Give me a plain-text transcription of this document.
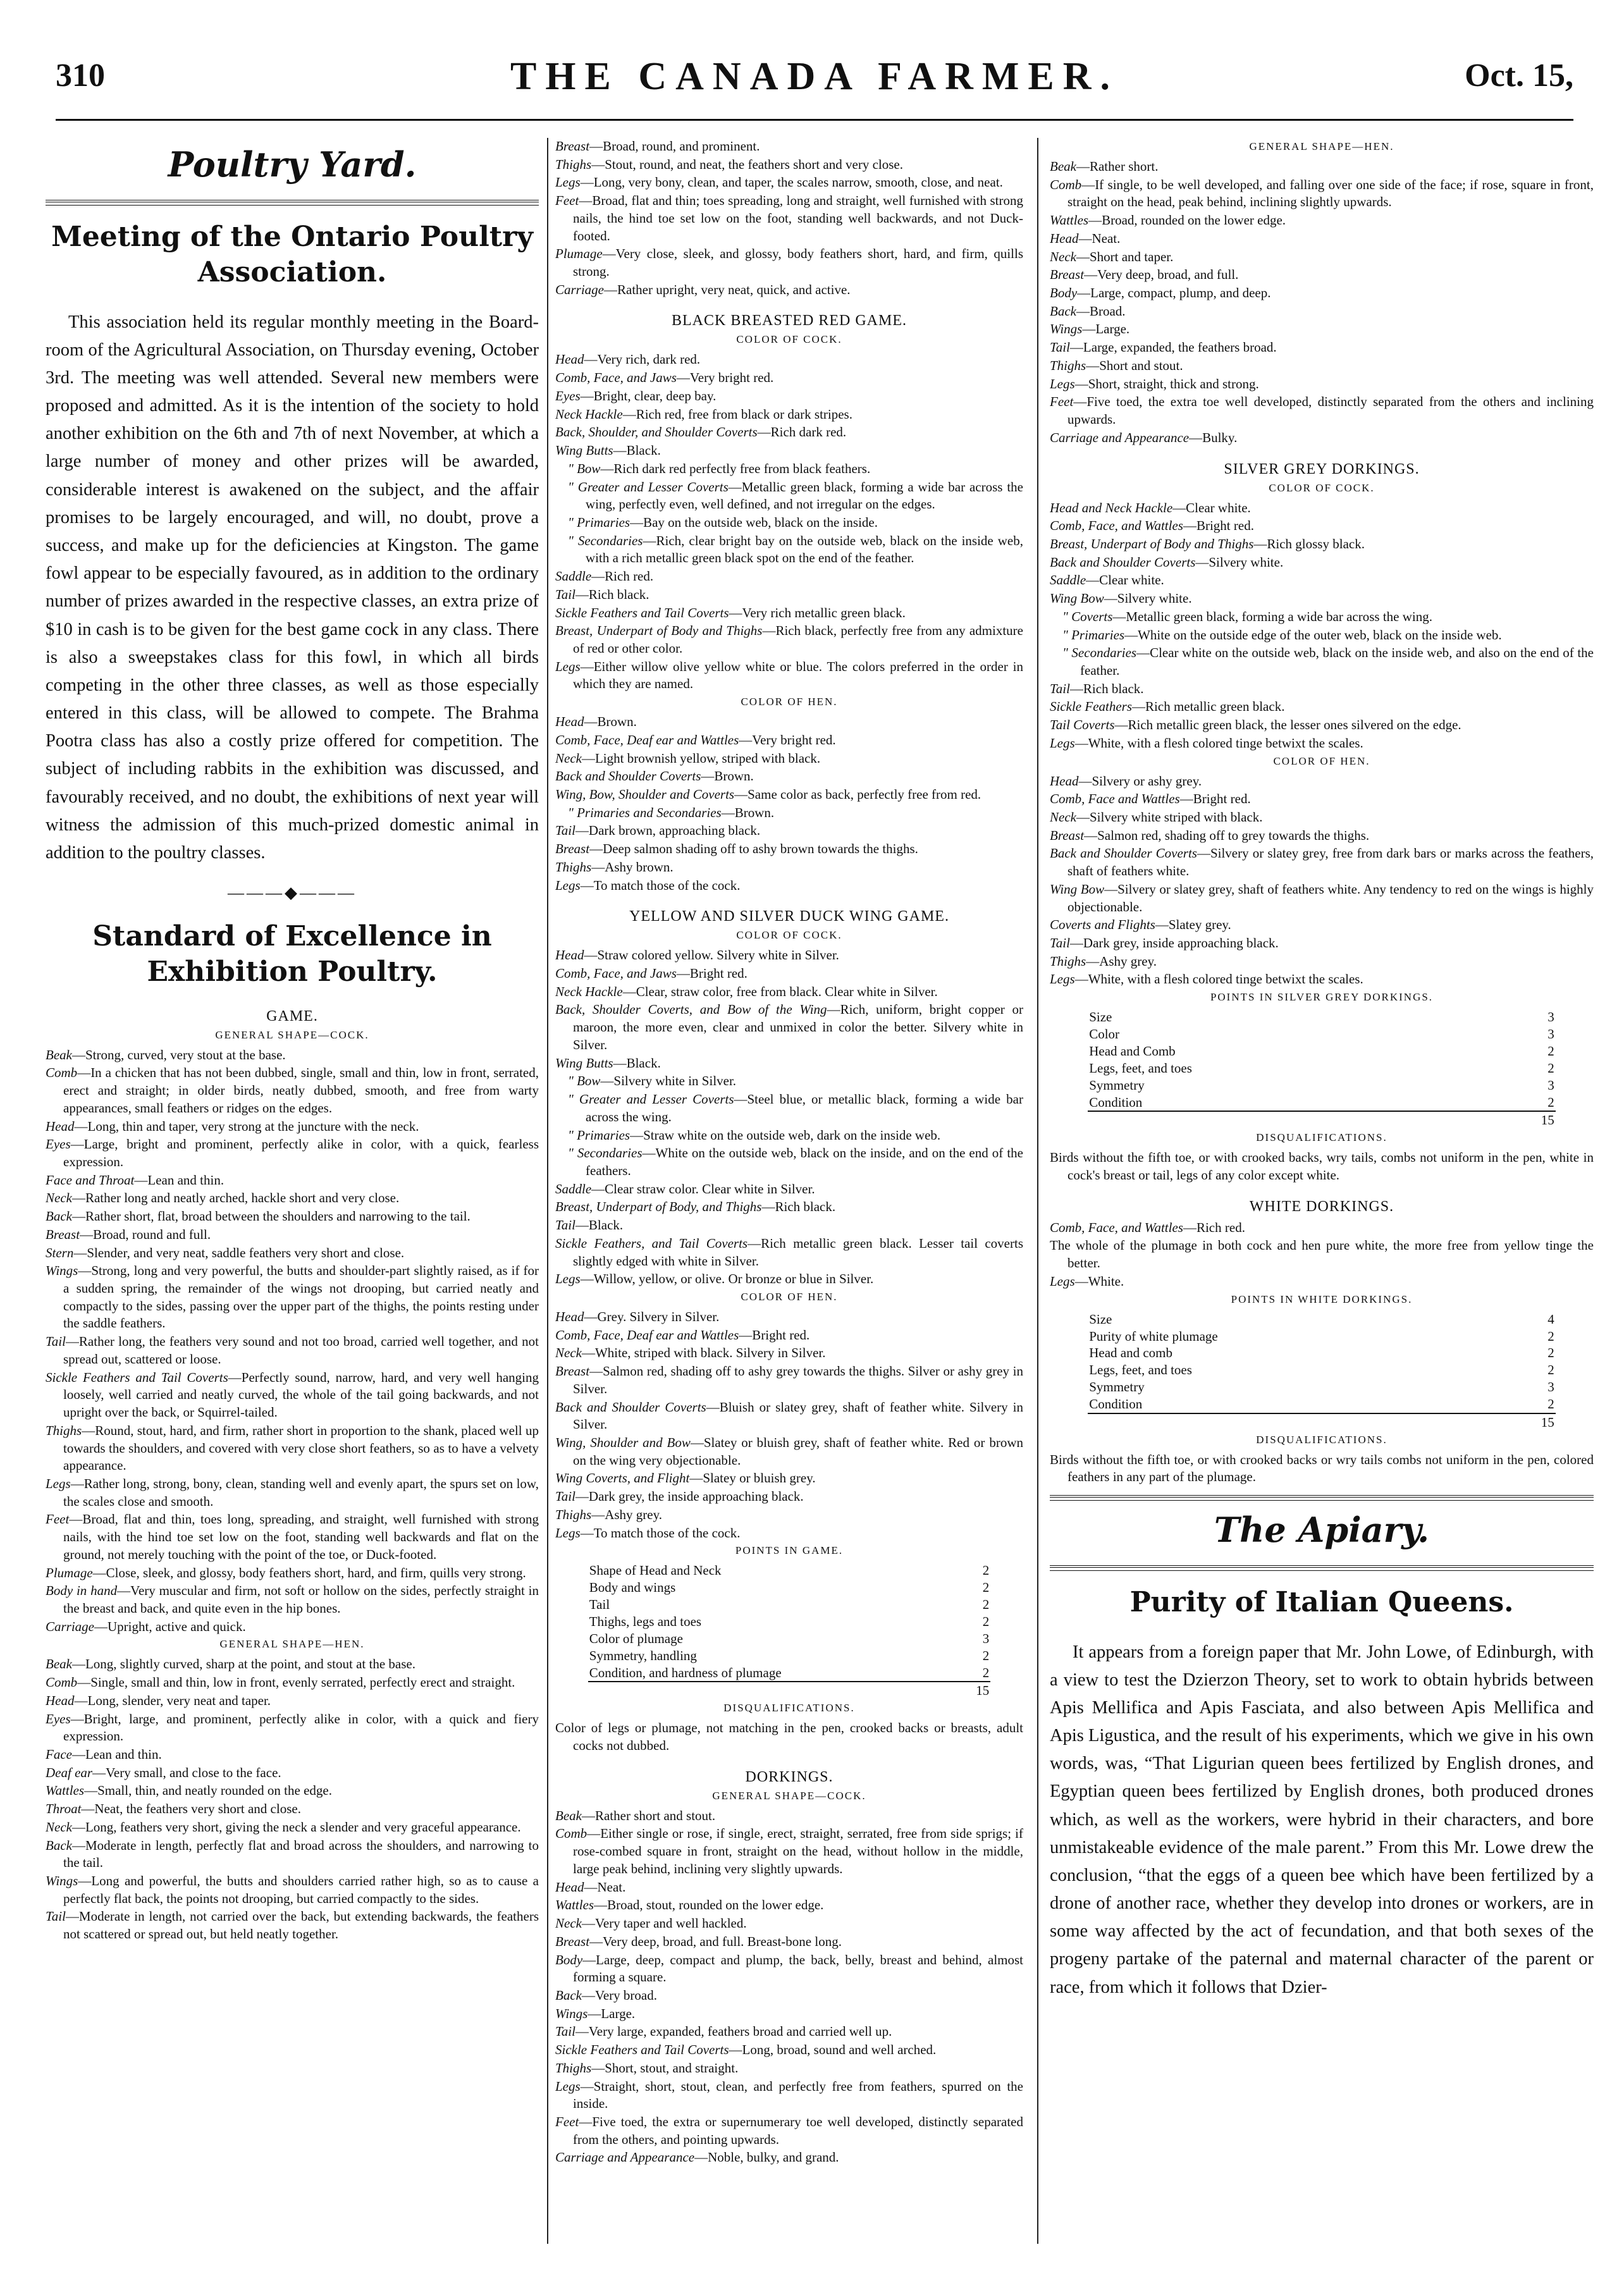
310	THE CANADA FARMER.	Oct. 15,
Poultry Yard.
Meeting of the Ontario Poultry Association.

This association held its regular monthly meeting in the Board-room of the Agricultural Association, on Thursday evening, October 3rd. The meeting was well attended. Several new members were proposed and admitted. As it is the intention of the society to hold another exhibition on the 6th and 7th of next November, at which a large number of money and other prizes will be awarded, considerable interest is awakened on the subject, and the affair promises to be largely encouraged, and will, no doubt, prove a success, and make up for the deficiencies at Kingston. The game fowl appear to be especially favoured, as in addition to the ordinary number of prizes awarded in the respective classes, an extra prize of $10 in cash is to be given for the best game cock in any class. There is also a sweepstakes class for this fowl, in which all birds competing in the other three classes, as well as those especially entered in this class, will be allowed to compete. The Brahma Pootra class has also a costly prize offered for competition. The subject of including rabbits in the exhibition was discussed, and favourably received, and no doubt, the exhibitions of next year will witness the admission of this much-prized domestic animal in addition to the poultry classes.

———◆———
Standard of Excellence in Exhibition Poultry.
GAME.
GENERAL SHAPE—COCK.

Beak—Strong, curved, very stout at the base.

Comb—In a chicken that has not been dubbed, single, small and thin, low in front, serrated, erect and straight; in older birds, neatly dubbed, smooth, and free from warty appearances, small feathers or ridges on the edges.

Head—Long, thin and taper, very strong at the juncture with the neck.

Eyes—Large, bright and prominent, perfectly alike in color, with a quick, fearless expression.

Face and Throat—Lean and thin.

Neck—Rather long and neatly arched, hackle short and very close.

Back—Rather short, flat, broad between the shoulders and narrowing to the tail.

Breast—Broad, round and full.

Stern—Slender, and very neat, saddle feathers very short and close.

Wings—Strong, long and very powerful, the butts and shoulder-part slightly raised, as if for a sudden spring, the remainder of the wings not drooping, but carried neatly and compactly to the sides, passing over the upper part of the thighs, the points resting under the saddle feathers.

Tail—Rather long, the feathers very sound and not too broad, carried well together, and not spread out, scattered or loose.

Sickle Feathers and Tail Coverts—Perfectly sound, narrow, hard, and very well hanging loosely, well carried and neatly curved, the whole of the tail going backwards, and not upright over the back, or Squirrel-tailed.

Thighs—Round, stout, hard, and firm, rather short in proportion to the shank, placed well up towards the shoulders, and covered with very close short feathers, so as to have a velvety appearance.

Legs—Rather long, strong, bony, clean, standing well and evenly apart, the spurs set on low, the scales close and smooth.

Feet—Broad, flat and thin, toes long, spreading, and straight, well furnished with strong nails, with the hind toe set low on the foot, standing well backwards and flat on the ground, not merely touching with the point of the toe, or Duck-footed.

Plumage—Close, sleek, and glossy, body feathers short, hard, and firm, quills very strong.

Body in hand—Very muscular and firm, not soft or hollow on the sides, perfectly straight in the breast and back, and quite even in the hip bones.

Carriage—Upright, active and quick.

GENERAL SHAPE—HEN.

Beak—Long, slightly curved, sharp at the point, and stout at the base.

Comb—Single, small and thin, low in front, evenly serrated, perfectly erect and straight.

Head—Long, slender, very neat and taper.

Eyes—Bright, large, and prominent, perfectly alike in color, with a quick and fiery expression.

Face—Lean and thin.

Deaf ear—Very small, and close to the face.

Wattles—Small, thin, and neatly rounded on the edge.

Throat—Neat, the feathers very short and close.

Neck—Long, feathers very short, giving the neck a slender and very graceful appearance.

Back—Moderate in length, perfectly flat and broad across the shoulders, and narrowing to the tail.

Wings—Long and powerful, the butts and shoulders carried rather high, so as to cause a perfectly flat back, the points not drooping, but carried compactly to the sides.

Tail—Moderate in length, not carried over the back, but extending backwards, the feathers not scattered or spread out, but held neatly together.

Breast—Broad, round, and prominent.

Thighs—Stout, round, and neat, the feathers short and very close.

Legs—Long, very bony, clean, and taper, the scales narrow, smooth, close, and neat.

Feet—Broad, flat and thin; toes spreading, long and straight, well furnished with strong nails, the hind toe set low on the foot, standing well backwards, and not Duck-footed.

Plumage—Very close, sleek, and glossy, body feathers short, hard, and firm, quills strong.

Carriage—Rather upright, very neat, quick, and active.

BLACK BREASTED RED GAME.
COLOR OF COCK.

Head—Very rich, dark red.

Comb, Face, and Jaws—Very bright red.

Eyes—Bright, clear, deep bay.

Neck Hackle—Rich red, free from black or dark stripes.

Back, Shoulder, and Shoulder Coverts—Rich dark red.

Wing Butts—Black.

" Bow—Rich dark red perfectly free from black feathers.

" Greater and Lesser Coverts—Metallic green black, forming a wide bar across the wing, perfectly even, well defined, and not irregular on the edges.

" Primaries—Bay on the outside web, black on the inside.

" Secondaries—Rich, clear bright bay on the outside web, black on the inside web, with a rich metallic green black spot on the end of the feather.

Saddle—Rich red.

Tail—Rich black.

Sickle Feathers and Tail Coverts—Very rich metallic green black.

Breast, Underpart of Body and Thighs—Rich black, perfectly free from any admixture of red or other color.

Legs—Either willow olive yellow white or blue. The colors preferred in the order in which they are named.

COLOR OF HEN.

Head—Brown.

Comb, Face, Deaf ear and Wattles—Very bright red.

Neck—Light brownish yellow, striped with black.

Back and Shoulder Coverts—Brown.

Wing, Bow, Shoulder and Coverts—Same color as back, perfectly free from red.

" Primaries and Secondaries—Brown.

Tail—Dark brown, approaching black.

Breast—Deep salmon shading off to ashy brown towards the thighs.

Thighs—Ashy brown.

Legs—To match those of the cock.

YELLOW AND SILVER DUCK WING GAME.
COLOR OF COCK.

Head—Straw colored yellow. Silvery white in Silver.

Comb, Face, and Jaws—Bright red.

Neck Hackle—Clear, straw color, free from black. Clear white in Silver.

Back, Shoulder Coverts, and Bow of the Wing—Rich, uniform, bright copper or maroon, the more even, clear and unmixed in color the better. Silvery white in Silver.

Wing Butts—Black.

" Bow—Silvery white in Silver.

" Greater and Lesser Coverts—Steel blue, or metallic black, forming a wide bar across the wing.

" Primaries—Straw white on the outside web, dark on the inside web.

" Secondaries—White on the outside web, black on the inside, and on the end of the feathers.

Saddle—Clear straw color. Clear white in Silver.

Breast, Underpart of Body, and Thighs—Rich black.

Tail—Black.

Sickle Feathers, and Tail Coverts—Rich metallic green black. Lesser tail coverts slightly edged with white in Silver.

Legs—Willow, yellow, or olive. Or bronze or blue in Silver.

COLOR OF HEN.

Head—Grey. Silvery in Silver.

Comb, Face, Deaf ear and Wattles—Bright red.

Neck—White, striped with black. Silvery in Silver.

Breast—Salmon red, shading off to ashy grey towards the thighs. Silver or ashy grey in Silver.

Back and Shoulder Coverts—Bluish or slatey grey, shaft of feather white. Silvery in Silver.

Wing, Shoulder and Bow—Slatey or bluish grey, shaft of feather white. Red or brown on the wing very objectionable.

Wing Coverts, and Flight—Slatey or bluish grey.

Tail—Dark grey, the inside approaching black.

Thighs—Ashy grey.

Legs—To match those of the cock.

POINTS IN GAME.
Shape of Head and Neck .....	2
Body and wings .....	2
Tail .....	2
Thighs, legs and toes .....	2
Color of plumage .....	3
Symmetry, handling .....	2
Condition, and hardness of plumage .....	2
	15
DISQUALIFICATIONS.

Color of legs or plumage, not matching in the pen, crooked backs or breasts, adult cocks not dubbed.

DORKINGS.
GENERAL SHAPE—COCK.

Beak—Rather short and stout.

Comb—Either single or rose, if single, erect, straight, serrated, free from side sprigs; if rose-combed square in front, straight on the head, without hollow in the middle, large peak behind, inclining very slightly upwards.

Head—Neat.

Wattles—Broad, stout, rounded on the lower edge.

Neck—Very taper and well hackled.

Breast—Very deep, broad, and full. Breast-bone long.

Body—Large, deep, compact and plump, the back, belly, breast and behind, almost forming a square.

Back—Very broad.

Wings—Large.

Tail—Very large, expanded, feathers broad and carried well up.

Sickle Feathers and Tail Coverts—Long, broad, sound and well arched.

Thighs—Short, stout, and straight.

Legs—Straight, short, stout, clean, and perfectly free from feathers, spurred on the inside.

Feet—Five toed, the extra or supernumerary toe well developed, distinctly separated from the others, and pointing upwards.

Carriage and Appearance—Noble, bulky, and grand.

GENERAL SHAPE—HEN.

Beak—Rather short.

Comb—If single, to be well developed, and falling over one side of the face; if rose, square in front, straight on the head, peak behind, inclining slightly upwards.

Wattles—Broad, rounded on the lower edge.

Head—Neat.

Neck—Short and taper.

Breast—Very deep, broad, and full.

Body—Large, compact, plump, and deep.

Back—Broad.

Wings—Large.

Tail—Large, expanded, the feathers broad.

Thighs—Short and stout.

Legs—Short, straight, thick and strong.

Feet—Five toed, the extra toe well developed, distinctly separated from the others and inclining upwards.

Carriage and Appearance—Bulky.

SILVER GREY DORKINGS.
COLOR OF COCK.

Head and Neck Hackle—Clear white.

Comb, Face, and Wattles—Bright red.

Breast, Underpart of Body and Thighs—Rich glossy black.

Back and Shoulder Coverts—Silvery white.

Saddle—Clear white.

Wing Bow—Silvery white.

" Coverts—Metallic green black, forming a wide bar across the wing.

" Primaries—White on the outside edge of the outer web, black on the inside web.

" Secondaries—Clear white on the outside web, black on the inside web, and also on the end of the feather.

Tail—Rich black.

Sickle Feathers—Rich metallic green black.

Tail Coverts—Rich metallic green black, the lesser ones silvered on the edge.

Legs—White, with a flesh colored tinge betwixt the scales.

COLOR OF HEN.

Head—Silvery or ashy grey.

Comb, Face and Wattles—Bright red.

Neck—Silvery white striped with black.

Breast—Salmon red, shading off to grey towards the thighs.

Back and Shoulder Coverts—Silvery or slatey grey, free from dark bars or marks across the feathers, shaft of feathers white.

Wing Bow—Silvery or slatey grey, shaft of feathers white. Any tendency to red on the wings is highly objectionable.

Coverts and Flights—Slatey grey.

Tail—Dark grey, inside approaching black.

Thighs—Ashy grey.

Legs—White, with a flesh colored tinge betwixt the scales.

POINTS IN SILVER GREY DORKINGS.
Size .....	3
Color .....	3
Head and Comb .....	2
Legs, feet, and toes .....	2
Symmetry .....	3
Condition .....	2
	15
DISQUALIFICATIONS.

Birds without the fifth toe, or with crooked backs, wry tails, combs not uniform in the pen, white in cock's breast or tail, legs of any color except white.

WHITE DORKINGS.

Comb, Face, and Wattles—Rich red.

The whole of the plumage in both cock and hen pure white, the more free from yellow tinge the better.

Legs—White.

POINTS IN WHITE DORKINGS.
Size .....	4
Purity of white plumage .....	2
Head and comb .....	2
Legs, feet, and toes .....	2
Symmetry .....	3
Condition .....	2
	15
DISQUALIFICATIONS.

Birds without the fifth toe, or with crooked backs or wry tails combs not uniform in the pen, colored feathers in any part of the plumage.

The Apiary.
Purity of Italian Queens.

It appears from a foreign paper that Mr. John Lowe, of Edinburgh, with a view to test the Dzierzon Theory, set to work to obtain hybrids between Apis Mellifica and Apis Fasciata, and also between Apis Mellifica and Apis Ligustica, and the result of his experiments, which we give in his own words, was, “That Ligurian queen bees fertilized by English drones, and Egyptian queen bees fertilized by English drones, both produced drones which, as well as the workers, were hybrid in their characters, and bore unmistakeable evidence of the male parent.” From this Mr. Lowe drew the conclusion, “that the eggs of a queen bee which have been fertilized by a drone of another race, whether they develop into drones or workers, are in some way affected by the act of fecundation, and that both sexes of the progeny partake of the paternal and maternal character of the parent or race, from which it follows that Dzier-
